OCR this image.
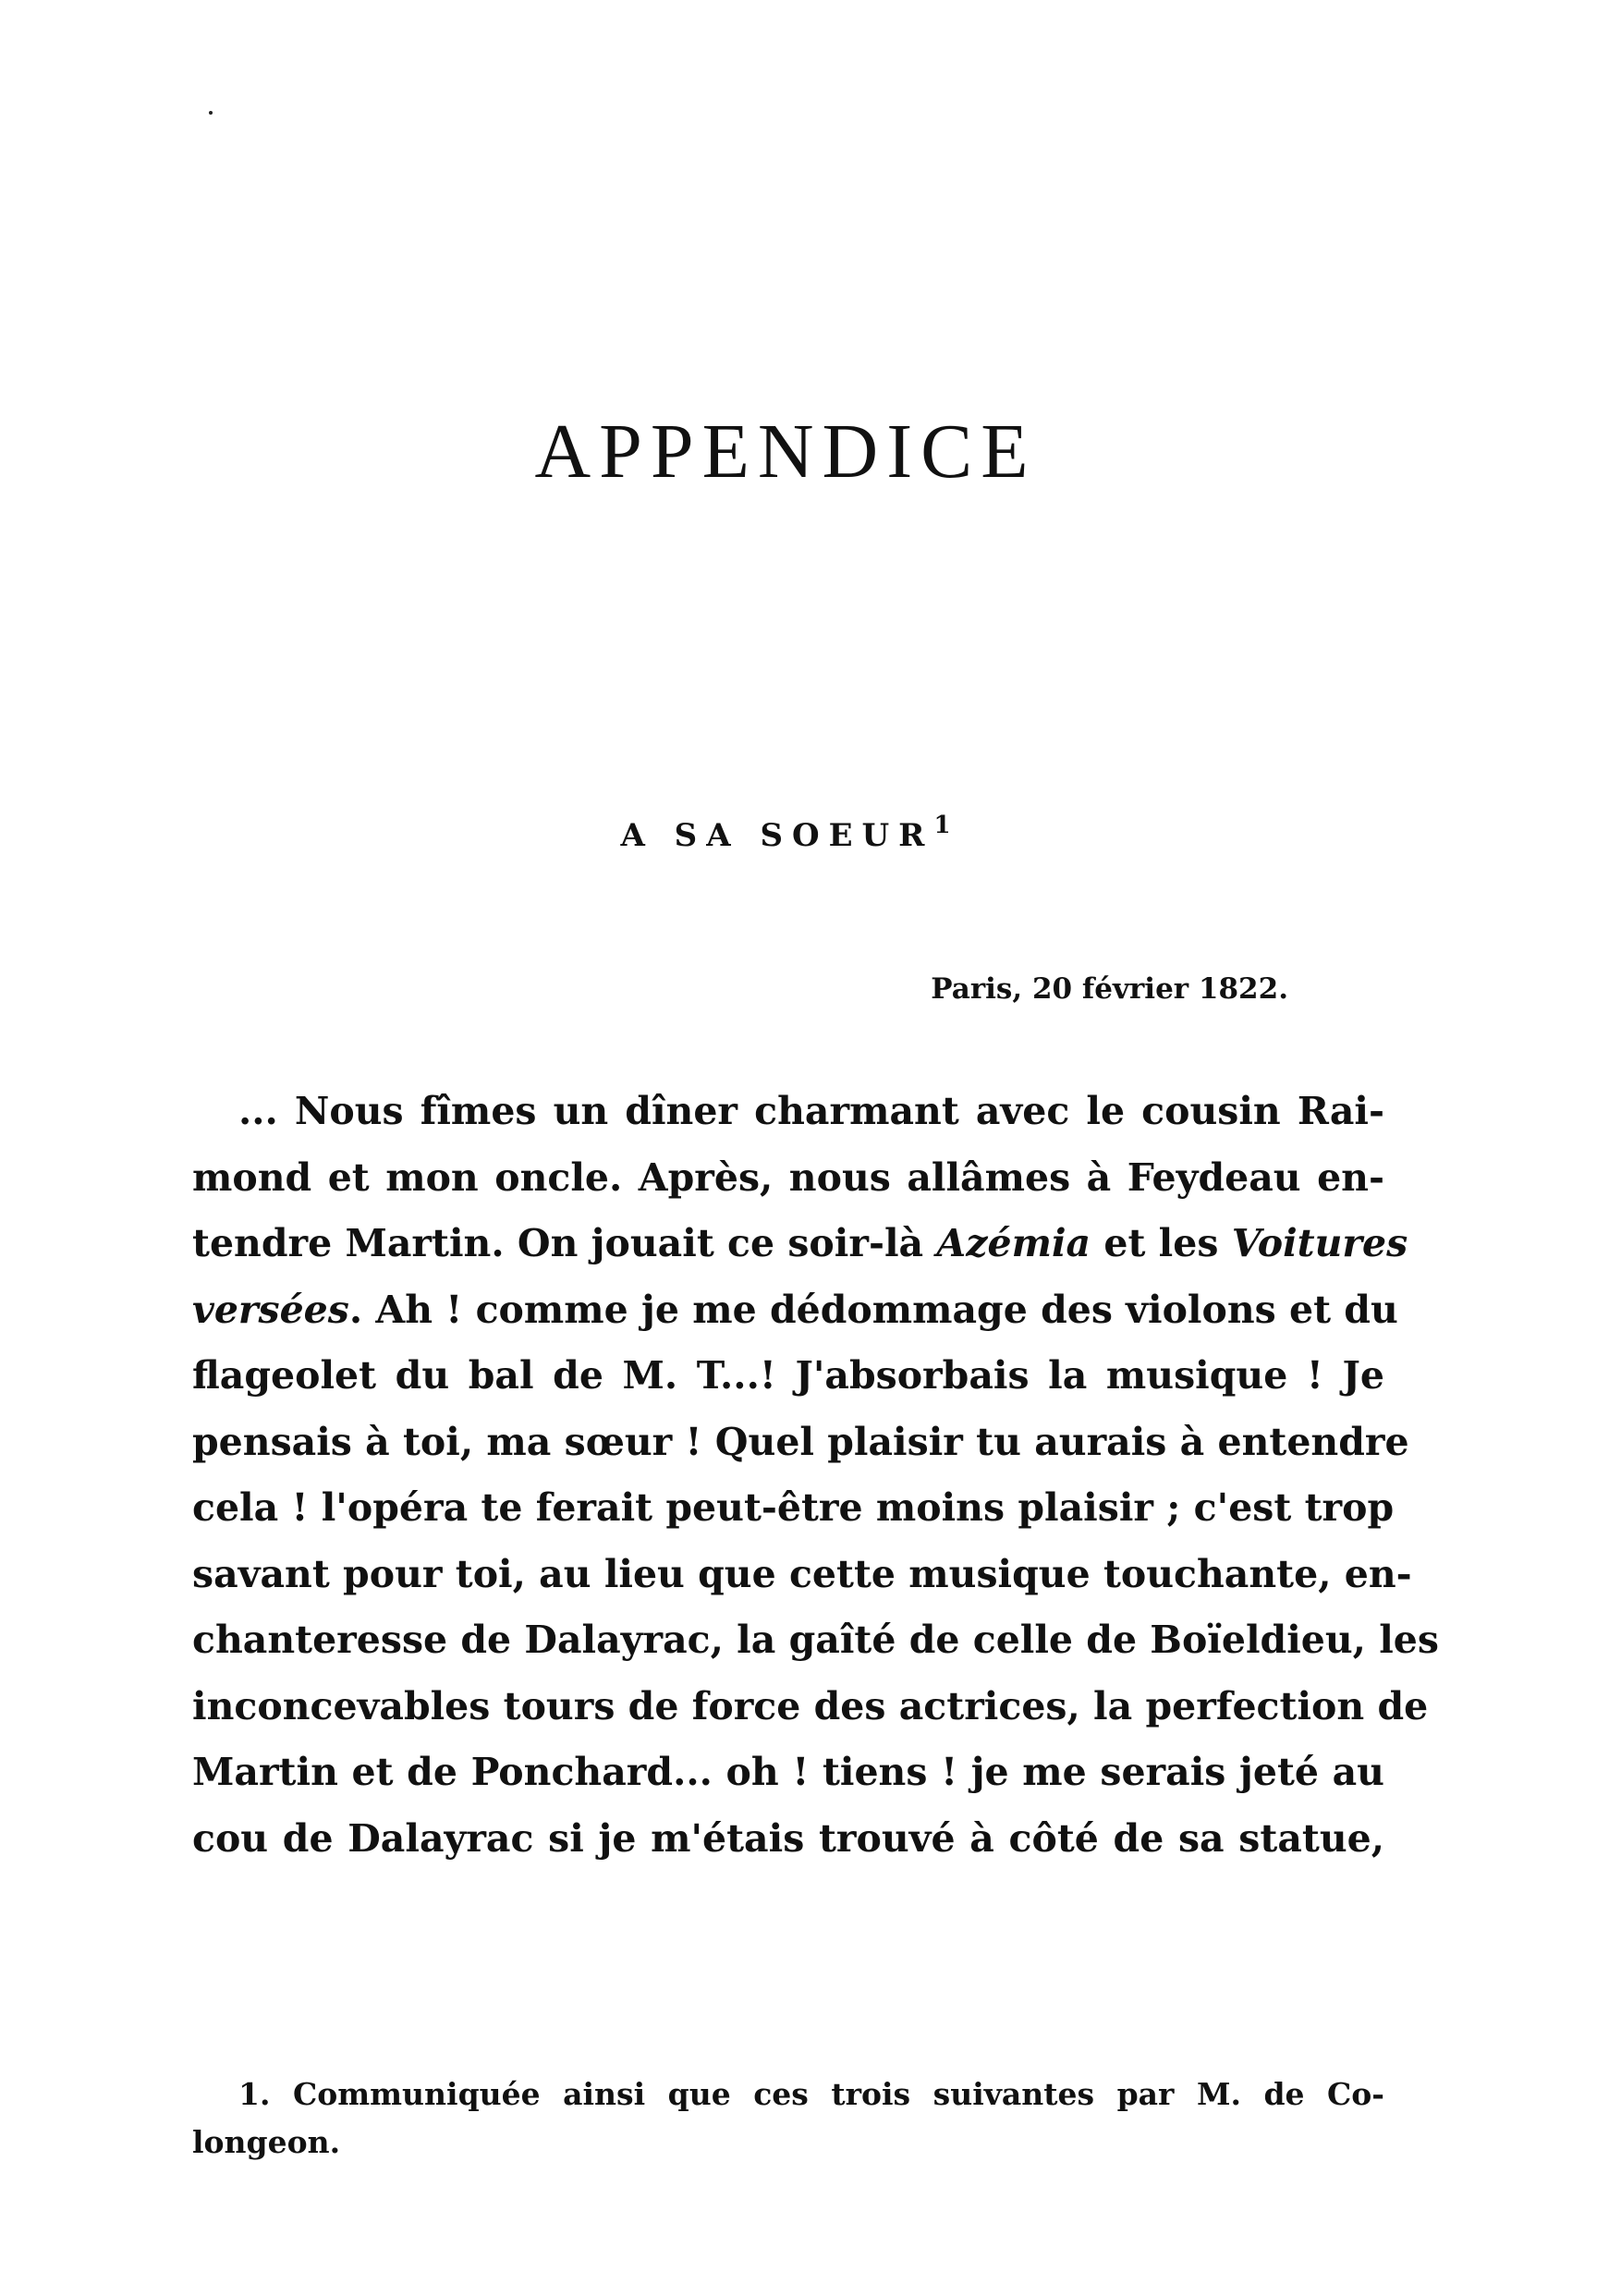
APPENDICE
A SA SOEUR$^1$

Paris, 20 février 1822.

... Nous fîmes un dîner charmant avec le cousin Rai-
mond et mon oncle. Après, nous allâmes à Feydeau en-
tendre Martin. On jouait ce soir-là Azémia et les Voitures
versées. Ah ! comme je me dédommage des violons et du
flageolet du bal de M. T...! J'absorbais la musique ! Je
pensais à toi, ma sœur ! Quel plaisir tu aurais à entendre
cela ! l'opéra te ferait peut-être moins plaisir ; c'est trop
savant pour toi, au lieu que cette musique touchante, en-
chanteresse de Dalayrac, la gaîté de celle de Boïeldieu, les
inconcevables tours de force des actrices, la perfection de
Martin et de Ponchard... oh ! tiens ! je me serais jeté au
cou de Dalayrac si je m'étais trouvé à côté de sa statue,
1. Communiquée ainsi que ces trois suivantes par M. de Co-
longeon.
